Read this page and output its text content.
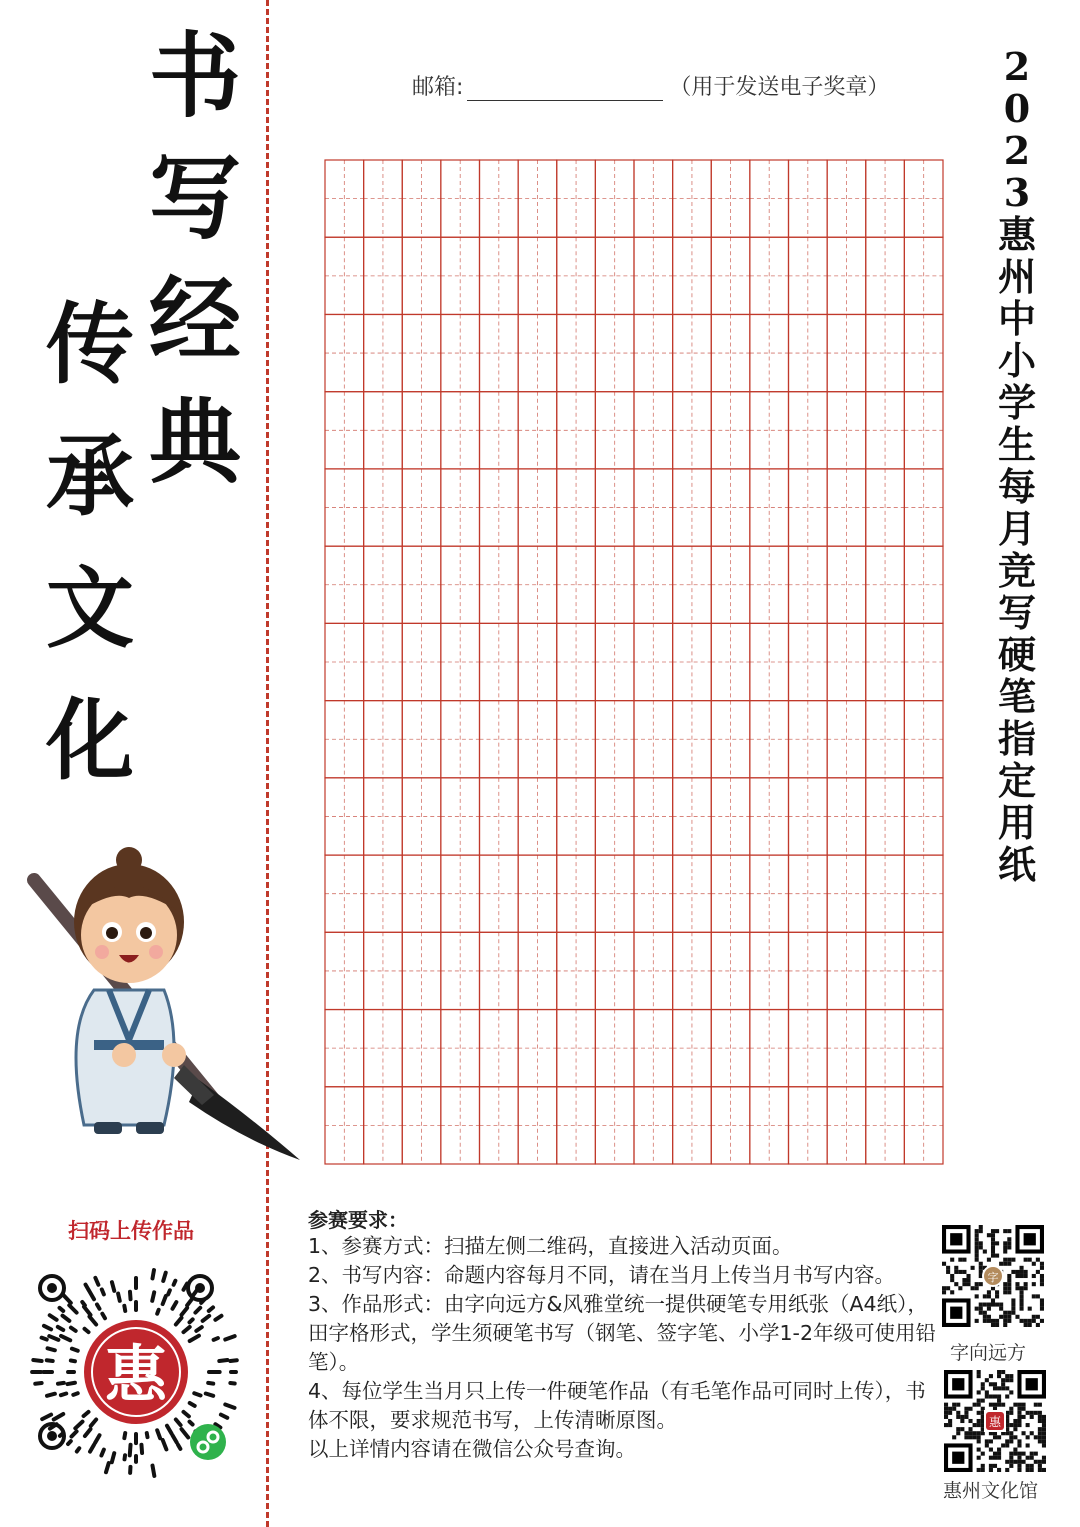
书
写
经
典
传
承
文
化
邮箱:	（用于发送电子奖章）	2
0
2
3
惠
州
中
小
学
生
每
月
竞
写
硬
笔
指
定
用
纸
参赛要求：

1、参赛方式：扫描左侧二维码，直接进入活动页面。

2、书写内容：命题内容每月不同，请在当月上传当月书写内容。

3、作品形式：由字向远方&风雅堂统一提供硬笔专用纸张（A4纸），田字格形式，学生须硬笔书写（钢笔、签字笔、小学1-2年级可使用铅笔）。

4、每位学生当月只上传一件硬笔作品（有毛笔作品可同时上传），书体不限，要求规范书写，上传清晰原图。

以上详情内容请在微信公众号查询。

扫码上传作品
惠
字
字向远方
惠
惠州文化馆
